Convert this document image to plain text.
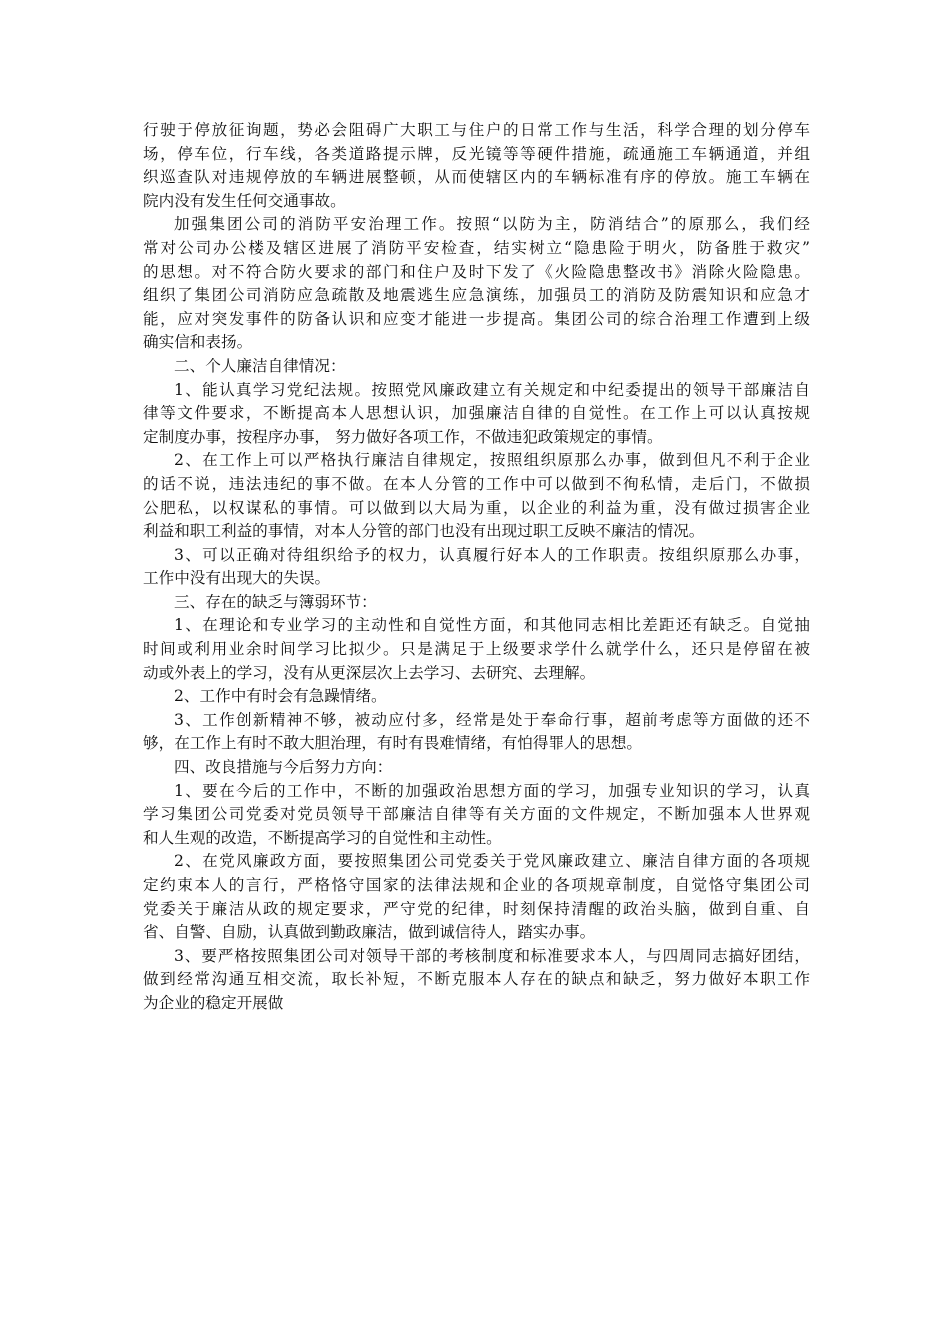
行驶于停放征询题，势必会阻碍广大职工与住户的日常工作与生活，科学合理的划分停车
场，停车位，行车线，各类道路提示牌，反光镜等等硬件措施，疏通施工车辆通道，并组
织巡查队对违规停放的车辆进展整顿，从而使辖区内的车辆标准有序的停放。施工车辆在
院内没有发生任何交通事故。
加强集团公司的消防平安治理工作。按照“以防为主，防消结合”的原那么，我们经
常对公司办公楼及辖区进展了消防平安检查，结实树立“隐患险于明火，防备胜于救灾”
的思想。对不符合防火要求的部门和住户及时下发了《火险隐患整改书》消除火险隐患。
组织了集团公司消防应急疏散及地震逃生应急演练，加强员工的消防及防震知识和应急才
能，应对突发事件的防备认识和应变才能进一步提高。集团公司的综合治理工作遭到上级
确实信和表扬。
二、个人廉洁自律情况：
1、能认真学习党纪法规。按照党风廉政建立有关规定和中纪委提出的领导干部廉洁自
律等文件要求，不断提高本人思想认识，加强廉洁自律的自觉性。在工作上可以认真按规
定制度办事，按程序办事， 努力做好各项工作，不做违犯政策规定的事情。
2、在工作上可以严格执行廉洁自律规定，按照组织原那么办事，做到但凡不利于企业
的话不说，违法违纪的事不做。在本人分管的工作中可以做到不徇私情，走后门，不做损
公肥私，以权谋私的事情。可以做到以大局为重，以企业的利益为重，没有做过损害企业
利益和职工利益的事情，对本人分管的部门也没有出现过职工反映不廉洁的情况。
3、可以正确对待组织给予的权力，认真履行好本人的工作职责。按组织原那么办事，
工作中没有出现大的失误。
三、存在的缺乏与簿弱环节：
1、在理论和专业学习的主动性和自觉性方面，和其他同志相比差距还有缺乏。自觉抽
时间或利用业余时间学习比拟少。只是满足于上级要求学什么就学什么，还只是停留在被
动或外表上的学习，没有从更深层次上去学习、去研究、去理解。
2、工作中有时会有急躁情绪。
3、工作创新精神不够，被动应付多，经常是处于奉命行事，超前考虑等方面做的还不
够，在工作上有时不敢大胆治理，有时有畏难情绪，有怕得罪人的思想。
四、改良措施与今后努力方向：
1、要在今后的工作中，不断的加强政治思想方面的学习，加强专业知识的学习，认真
学习集团公司党委对党员领导干部廉洁自律等有关方面的文件规定，不断加强本人世界观
和人生观的改造，不断提高学习的自觉性和主动性。
2、在党风廉政方面，要按照集团公司党委关于党风廉政建立、廉洁自律方面的各项规
定约束本人的言行，严格恪守国家的法律法规和企业的各项规章制度，自觉恪守集团公司
党委关于廉洁从政的规定要求，严守党的纪律，时刻保持清醒的政治头脑，做到自重、自
省、自警、自励，认真做到勤政廉洁，做到诚信待人，踏实办事。
3、要严格按照集团公司对领导干部的考核制度和标准要求本人，与四周同志搞好团结，
做到经常沟通互相交流，取长补短，不断克服本人存在的缺点和缺乏，努力做好本职工作
为企业的稳定开展做
